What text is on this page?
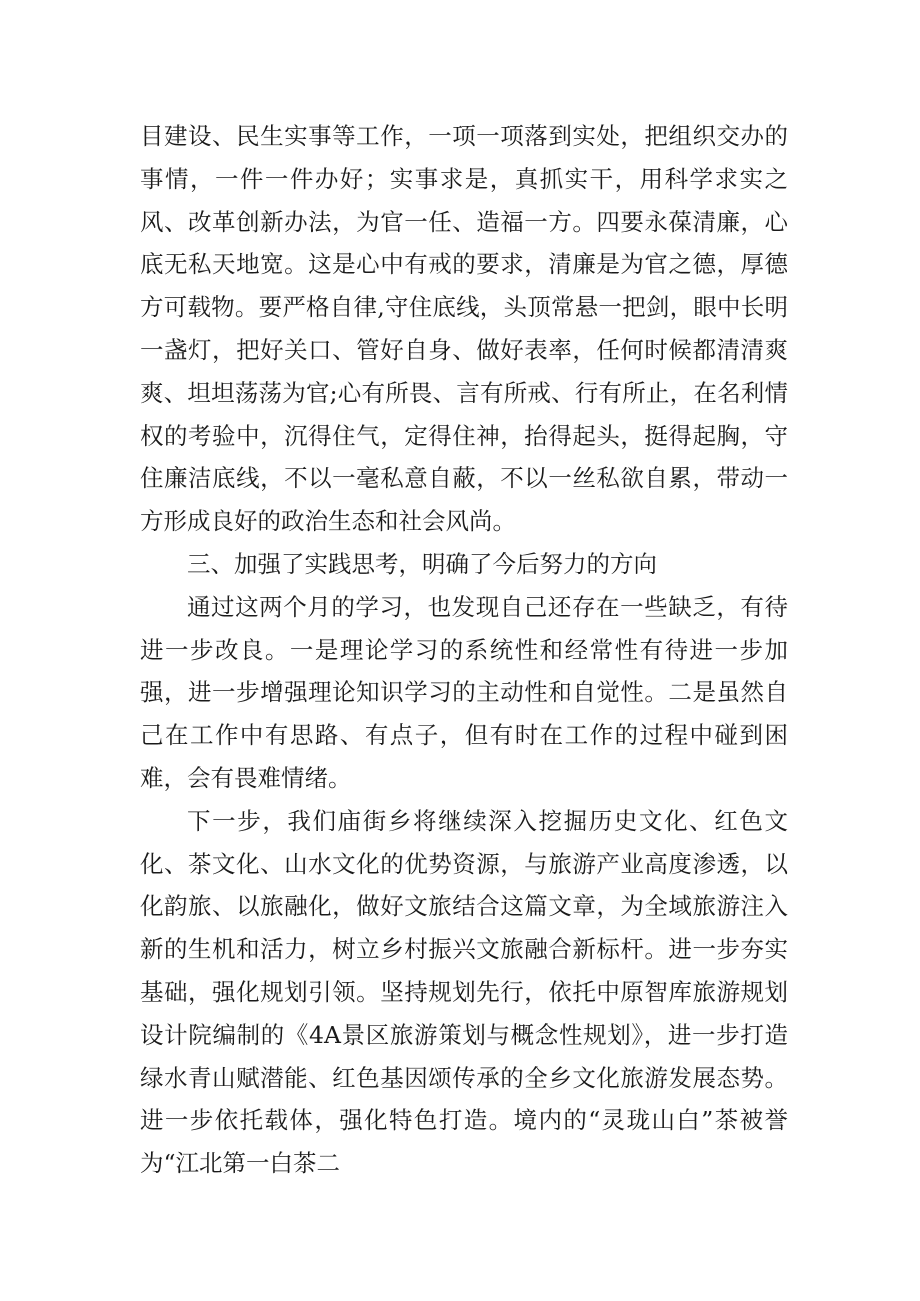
目建设、民生实事等工作，一项一项落到实处，把组织交办的事情，一件一件办好；实事求是，真抓实干，用科学求实之风、改革创新办法，为官一任、造福一方。四要永葆清廉，心底无私天地宽。这是心中有戒的要求，清廉是为官之德，厚德方可载物。要严格自律,守住底线，头顶常悬一把剑，眼中长明一盏灯，把好关口、管好自身、做好表率，任何时候都清清爽爽、坦坦荡荡为官;心有所畏、言有所戒、行有所止，在名利情权的考验中，沉得住气，定得住神，抬得起头，挺得起胸，守住廉洁底线，不以一毫私意自蔽，不以一丝私欲自累，带动一方形成良好的政治生态和社会风尚。

三、加强了实践思考，明确了今后努力的方向

通过这两个月的学习，也发现自己还存在一些缺乏，有待进一步改良。一是理论学习的系统性和经常性有待进一步加强，进一步增强理论知识学习的主动性和自觉性。二是虽然自己在工作中有思路、有点子，但有时在工作的过程中碰到困难，会有畏难情绪。

下一步，我们庙街乡将继续深入挖掘历史文化、红色文化、茶文化、山水文化的优势资源，与旅游产业高度渗透，以化韵旅、以旅融化，做好文旅结合这篇文章，为全域旅游注入新的生机和活力，树立乡村振兴文旅融合新标杆。进一步夯实基础，强化规划引领。坚持规划先行，依托中原智库旅游规划设计院编制的《4A景区旅游策划与概念性规划》，进一步打造绿水青山赋潜能、红色基因颂传承的全乡文化旅游发展态势。进一步依托载体，强化特色打造。境内的“灵珑山白”茶被誉为“江北第一白茶二
